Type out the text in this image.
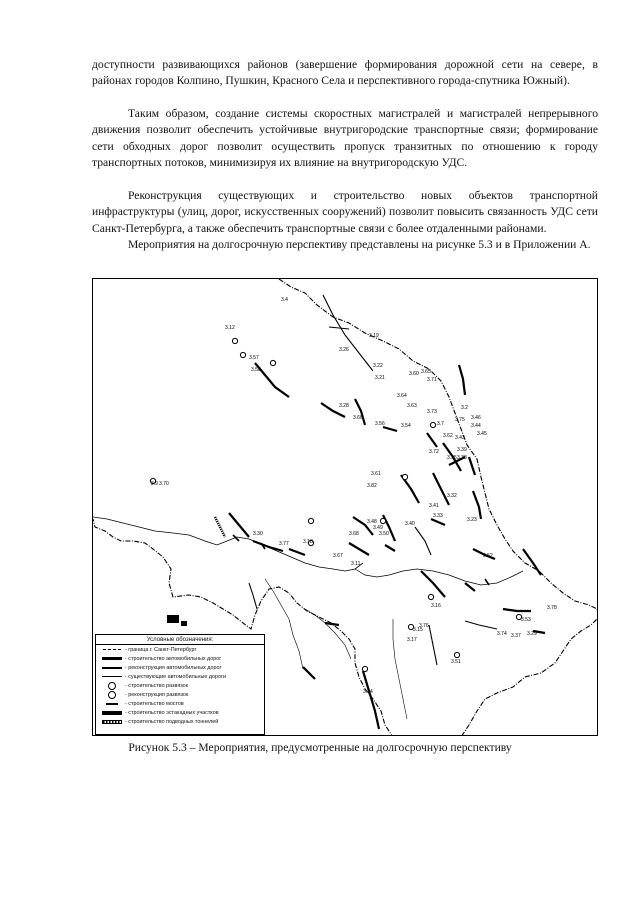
доступности развивающихся районов (завершение формирования дорожной сети на севере, в районах городов Колпино, Пушкин, Красного Села и перспективного города-спутника Южный).

Таким образом, создание системы скоростных магистралей и магистралей непрерывного движения позволит обеспечить устойчивые внутригородские транспортные связи; формирование сети обходных дорог позволит осуществить пропуск транзитных по отношению к городу транспортных потоков, минимизируя их влияние на внутригородскую УДС.

Реконструкция существующих и строительство новых объектов транспортной инфраструктуры (улиц, дорог, искусственных сооружений) позволит повысить связанность УДС сети Санкт-Петербурга, а также обеспечить транспортные связи с более отдаленными районами.

Мероприятия на долгосрочную перспективу представлены на рисунке 5.3 и в Приложении А.

3.4
3.12
3.19
3.26
3.57
3.58
3.22
3.21
3.60 3.65
3.71
3.64
3.63
3.28
3.66
3.73
3.2
3.56	3.54	3.7
3.62 3.43
3.46
3.75
3.45
3.44
3.72	3.39
3.35 3.38
3.61
3.82
3.9
3.32
3.41
3.48
3.49
3.40
3.50
3.68
3.30
3.77	3.18
3.67
3.11
3.70
3.33
3.23
3.52
3.16	3.78
3.15
3.76
3.17
3.74 3.37 3.29
3.51
3.14
3.53
Условные обозначения:
- граница г. Санкт-Петербург
- строительство автомобильных дорог
- реконструкция автомобильных дорог
- существующие автомобильные дороги
- строительство развязок
- реконструкция развязок
- строительство мостов
- строительство эстакадных участков
- строительство подводных тоннелей
Рисунок 5.3 – Мероприятия, предусмотренные на долгосрочную перспективу
